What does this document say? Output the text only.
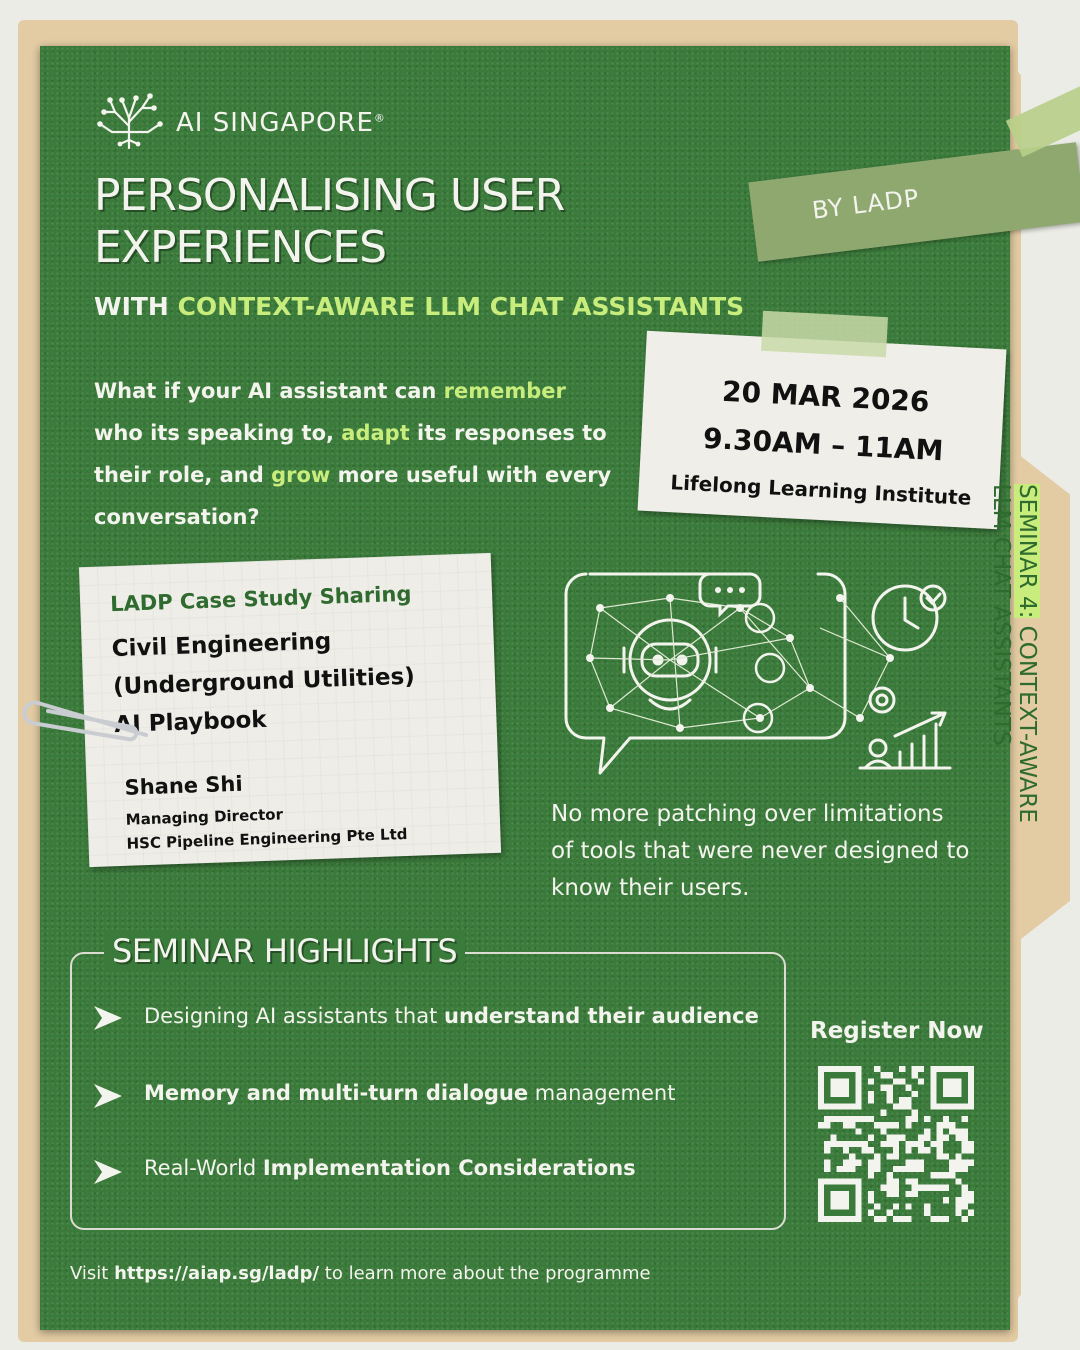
AI SINGAPORE®
PERSONALISING USER
EXPERIENCES
WITH CONTEXT-AWARE LLM CHAT ASSISTANTS
BY LADP
What if your AI assistant can remember who its speaking to, adapt its responses to their role, and grow more useful with every conversation?
20 MAR 2026
9.30AM – 11AM
Lifelong Learning Institute
LADP Case Study Sharing
Civil Engineering
(Underground Utilities)
AI Playbook
Shane Shi
Managing Director
HSC Pipeline Engineering Pte Ltd
No more patching over limitations of tools that were never designed to know their users.
SEMINAR HIGHLIGHTS
Designing AI assistants that understand their audience
Memory and multi-turn dialogue management
Real-World Implementation Considerations
Register Now
Visit https://aiap.sg/ladp/ to learn more about the programme
SEMINAR 4: CONTEXT-AWARE
LLM CHAT ASSISTANTS
